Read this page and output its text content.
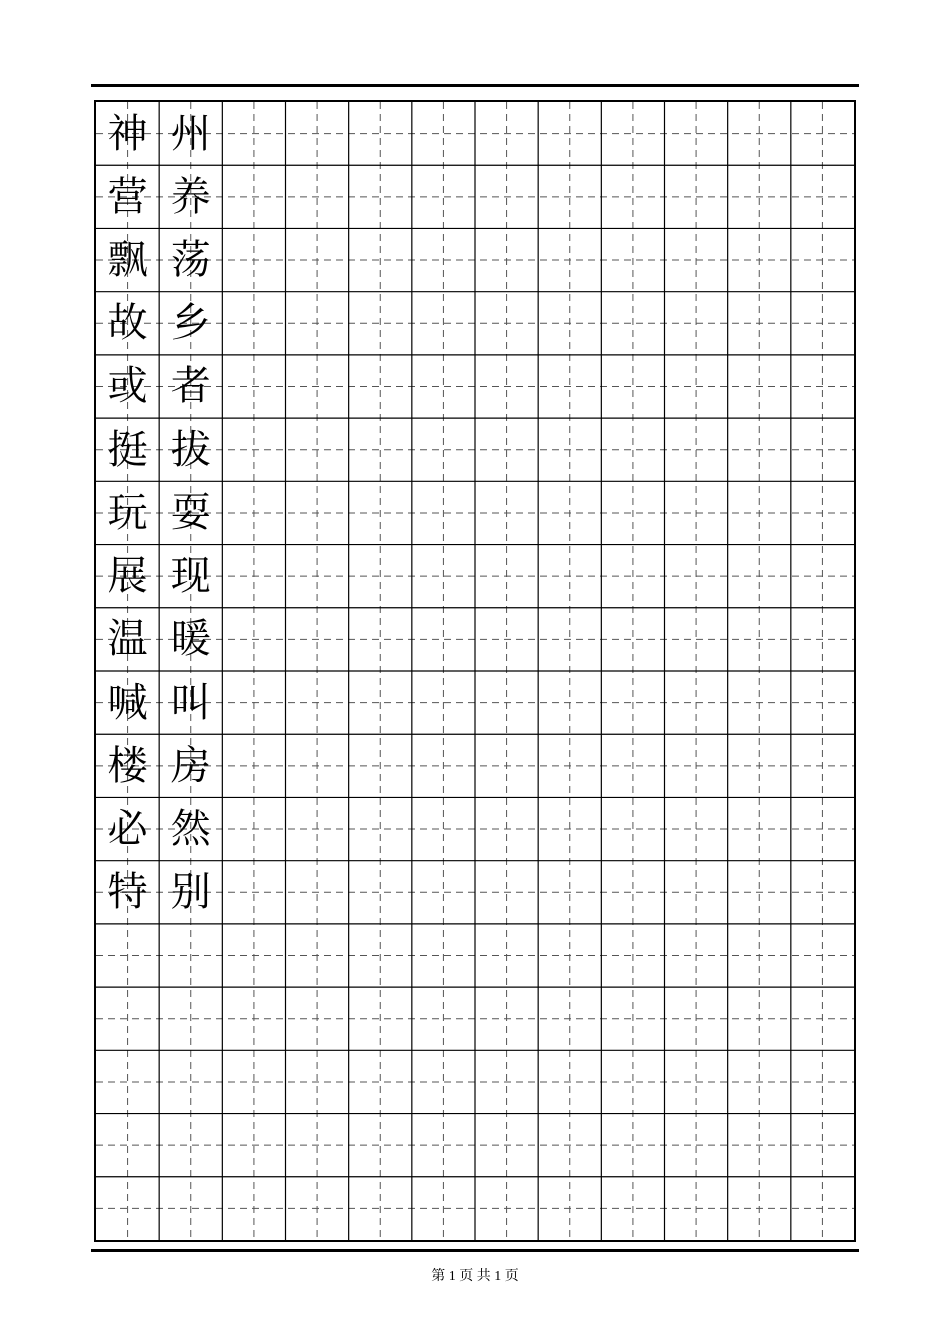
神
营
飘
故
或
挺
玩
展
温
喊
楼
必
特
州
养
荡
乡
者
拔
耍
现
暖
叫
房
然
别
第 1 页 共 1 页
